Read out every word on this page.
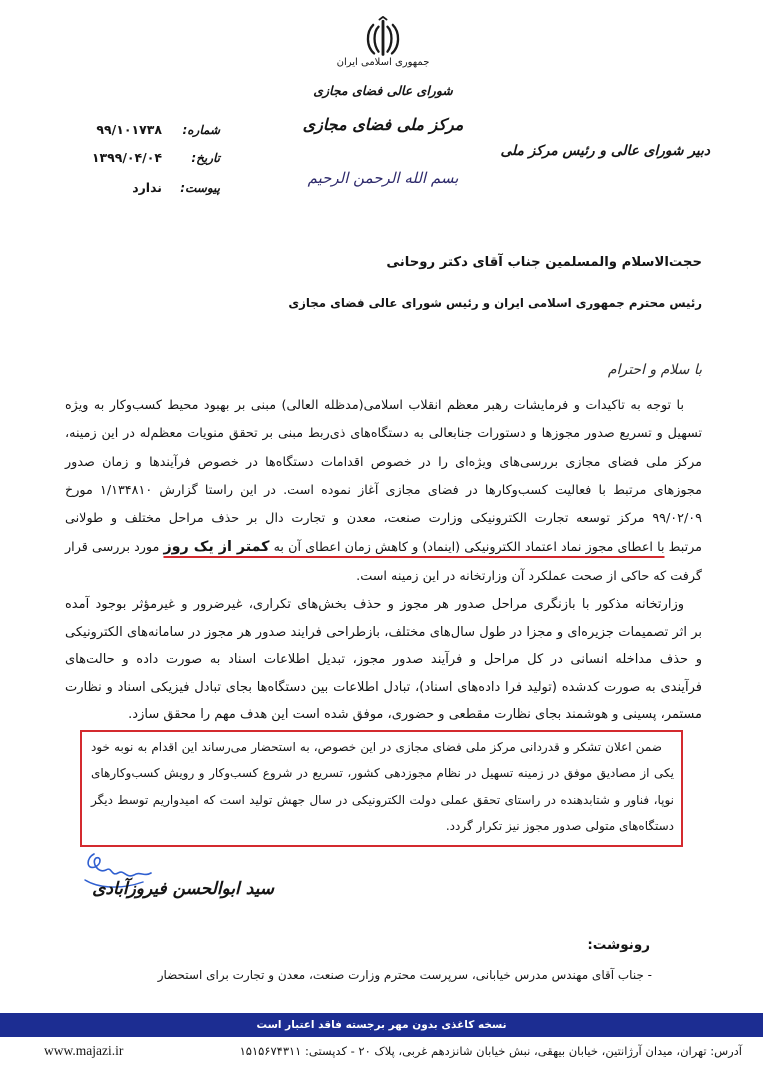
جمهوری اسلامی ایران
شورای عالی فضای مجازی
مرکز ملی فضای مجازی
بسم الله الرحمن الرحیم
دبیر شورای عالی و رئیس مرکز ملی
شماره:
۹۹/۱۰۱۷۳۸
تاریخ:
۱۳۹۹/۰۴/۰۴
پیوست:
ندارد
حجت‌الاسلام والمسلمین جناب آقای دکتر روحانی
رئیس محترم جمهوری اسلامی ایران و رئیس شورای عالی فضای مجازی
با سلام و احترام
با توجه به تاکیدات و فرمایشات رهبر معظم انقلاب اسلامی(مدظله العالی) مبنی بر بهبود محیط کسب‌وکار به ویژه
تسهیل و تسریع صدور مجوزها و دستورات جنابعالی به دستگاه‌های ذی‌ربط مبنی بر تحقق منویات معظم‌له در این زمینه،
مرکز ملی فضای مجازی بررسی‌های ویژه‌ای را در خصوص اقدامات دستگاه‌ها در خصوص فرآیندها و زمان صدور
مجوزهای مرتبط با فعالیت کسب‌وکارها در فضای مجازی آغاز نموده است. در این راستا گزارش ۱/۱۳۴۸۱۰ مورخ
۹۹/۰۲/۰۹ مرکز توسعه تجارت الکترونیکی وزارت صنعت، معدن و تجارت دال بر حذف مراحل مختلف و طولانی
مرتبط با اعطای مجوز نماد اعتماد الکترونیکی (اینماد) و کاهش زمان اعطای آن به کمتر از یک روز مورد بررسی قرار
گرفت که حاکی از صحت عملکرد آن وزارتخانه در این زمینه است.
وزارتخانه مذکور با بازنگری مراحل صدور هر مجوز و حذف بخش‌های تکراری، غیرضرور و غیرمؤثر بوجود آمده
بر اثر تصمیمات جزیره‌ای و مجزا در طول سال‌های مختلف، بازطراحی فرایند صدور هر مجوز در سامانه‌های الکترونیکی
و حذف مداخله انسانی در کل مراحل و فرآیند صدور مجوز، تبدیل اطلاعات اسناد به صورت داده و حالت‌های
فرآیندی به صورت کدشده (تولید فرا داده‌های اسناد)، تبادل اطلاعات بین دستگاه‌ها بجای تبادل فیزیکی اسناد و نظارت
مستمر، پسینی و هوشمند بجای نظارت مقطعی و حضوری، موفق شده است این هدف مهم را محقق سازد.
ضمن اعلان تشکر و قدردانی مرکز ملی فضای مجازی در این خصوص، به استحضار می‌رساند این اقدام به نوبه خود
یکی از مصادیق موفق در زمینه تسهیل در نظام مجوزدهی کشور، تسریع در شروع کسب‌وکار و رویش کسب‌وکارهای
نوپا، فناور و شتابدهنده در راستای تحقق عملی دولت الکترونیکی در سال جهش تولید است که امیدواریم توسط دیگر
دستگاه‌های متولی صدور مجوز نیز تکرار گردد.
سید ابوالحسن فیروزآبادی
رونوشت:
- جناب آقای مهندس مدرس خیابانی، سرپرست محترم وزارت صنعت، معدن و تجارت برای استحضار
نسخه کاغذی بدون مهر برجسته فاقد اعتبار است
آدرس: تهران، میدان آرژانتین، خیابان بیهقی، نبش خیابان شانزدهم غربی، پلاک ۲۰ - کدپستی: ۱۵۱۵۶۷۴۳۱۱
www.majazi.ir
